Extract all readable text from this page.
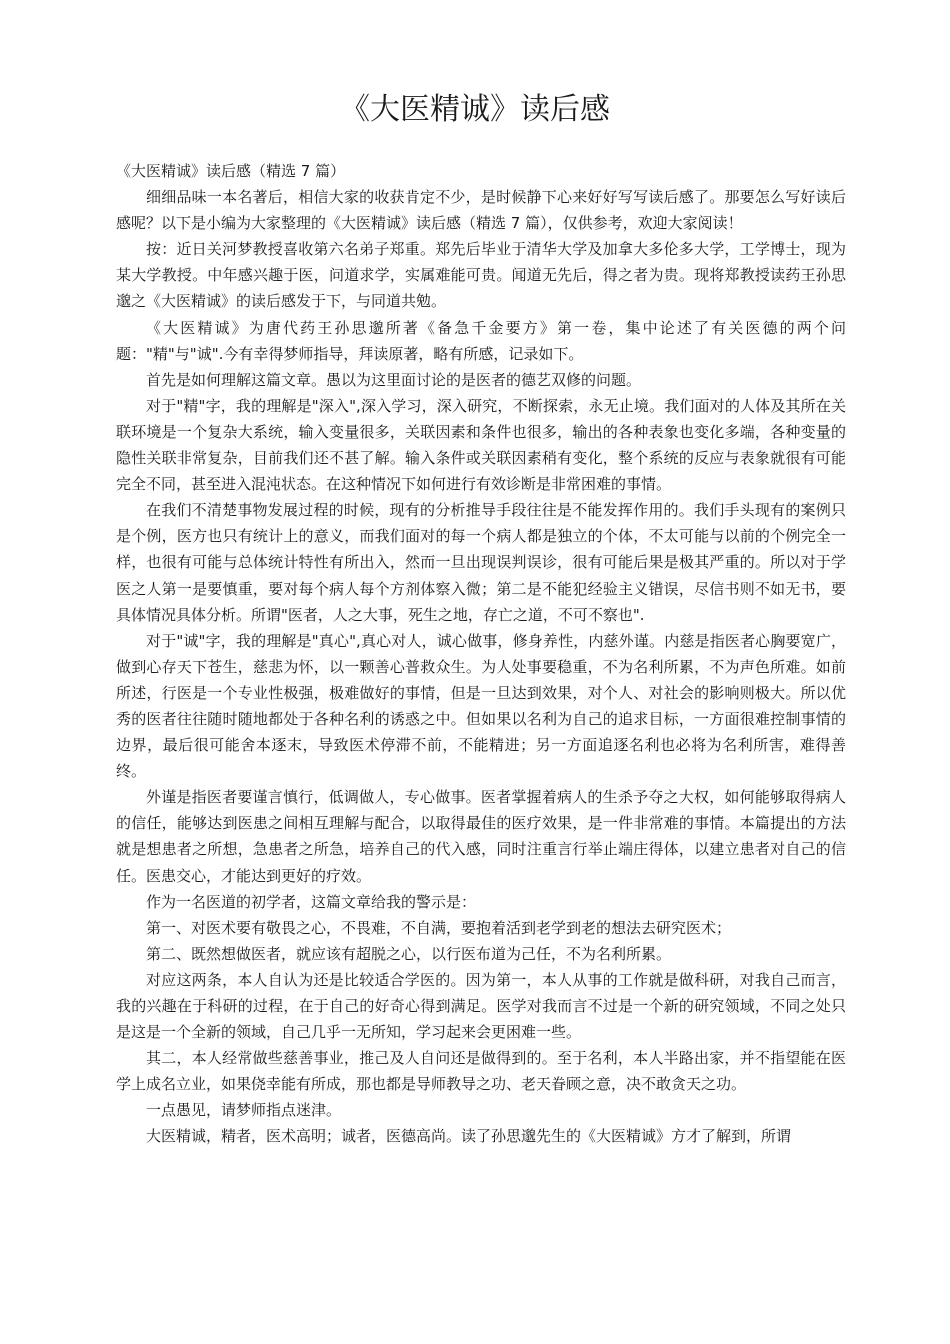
《大医精诚》读后感

《大医精诚》读后感（精选 7 篇）

细细品味一本名著后，相信大家的收获肯定不少，是时候静下心来好好写写读后感了。那要怎么写好读后感呢？以下是小编为大家整理的《大医精诚》读后感（精选 7 篇），仅供参考，欢迎大家阅读！

按：近日关河梦教授喜收第六名弟子郑重。郑先后毕业于清华大学及加拿大多伦多大学，工学博士，现为某大学教授。中年感兴趣于医，问道求学，实属难能可贵。闻道无先后，得之者为贵。现将郑教授读药王孙思邈之《大医精诚》的读后感发于下，与同道共勉。

《大医精诚》为唐代药王孙思邈所著《备急千金要方》第一卷，集中论述了有关医德的两个问题："精"与"诚".今有幸得梦师指导，拜读原著，略有所感，记录如下。

首先是如何理解这篇文章。愚以为这里面讨论的是医者的德艺双修的问题。

对于"精"字，我的理解是"深入",深入学习，深入研究，不断探索，永无止境。我们面对的人体及其所在关联环境是一个复杂大系统，输入变量很多，关联因素和条件也很多，输出的各种表象也变化多端，各种变量的隐性关联非常复杂，目前我们还不甚了解。输入条件或关联因素稍有变化，整个系统的反应与表象就很有可能完全不同，甚至进入混沌状态。在这种情况下如何进行有效诊断是非常困难的事情。

在我们不清楚事物发展过程的时候，现有的分析推导手段往往是不能发挥作用的。我们手头现有的案例只是个例，医方也只有统计上的意义，而我们面对的每一个病人都是独立的个体，不太可能与以前的个例完全一样，也很有可能与总体统计特性有所出入，然而一旦出现误判误诊，很有可能后果是极其严重的。所以对于学医之人第一是要慎重，要对每个病人每个方剂体察入微；第二是不能犯经验主义错误，尽信书则不如无书，要具体情况具体分析。所谓"医者，人之大事，死生之地，存亡之道，不可不察也".

对于"诚"字，我的理解是"真心",真心对人，诚心做事，修身养性，内慈外谨。内慈是指医者心胸要宽广，做到心存天下苍生，慈悲为怀，以一颗善心普救众生。为人处事要稳重，不为名利所累，不为声色所难。如前所述，行医是一个专业性极强，极难做好的事情，但是一旦达到效果，对个人、对社会的影响则极大。所以优秀的医者往往随时随地都处于各种名利的诱惑之中。但如果以名利为自己的追求目标，一方面很难控制事情的边界，最后很可能舍本逐末，导致医术停滞不前，不能精进；另一方面追逐名利也必将为名利所害，难得善终。

外谨是指医者要谨言慎行，低调做人，专心做事。医者掌握着病人的生杀予夺之大权，如何能够取得病人的信任，能够达到医患之间相互理解与配合，以取得最佳的医疗效果，是一件非常难的事情。本篇提出的方法就是想患者之所想，急患者之所急，培养自己的代入感，同时注重言行举止端庄得体，以建立患者对自己的信任。医患交心，才能达到更好的疗效。

作为一名医道的初学者，这篇文章给我的警示是：

第一、对医术要有敬畏之心，不畏难，不自满，要抱着活到老学到老的想法去研究医术；

第二、既然想做医者，就应该有超脱之心，以行医布道为己任，不为名利所累。

对应这两条，本人自认为还是比较适合学医的。因为第一，本人从事的工作就是做科研，对我自己而言，我的兴趣在于科研的过程，在于自己的好奇心得到满足。医学对我而言不过是一个新的研究领域，不同之处只是这是一个全新的领域，自己几乎一无所知，学习起来会更困难一些。

其二，本人经常做些慈善事业，推己及人自问还是做得到的。至于名利，本人半路出家，并不指望能在医学上成名立业，如果侥幸能有所成，那也都是导师教导之功、老天眷顾之意，决不敢贪天之功。

一点愚见，请梦师指点迷津。

大医精诚，精者，医术高明；诚者，医德高尚。读了孙思邈先生的《大医精诚》方才了解到，所谓
